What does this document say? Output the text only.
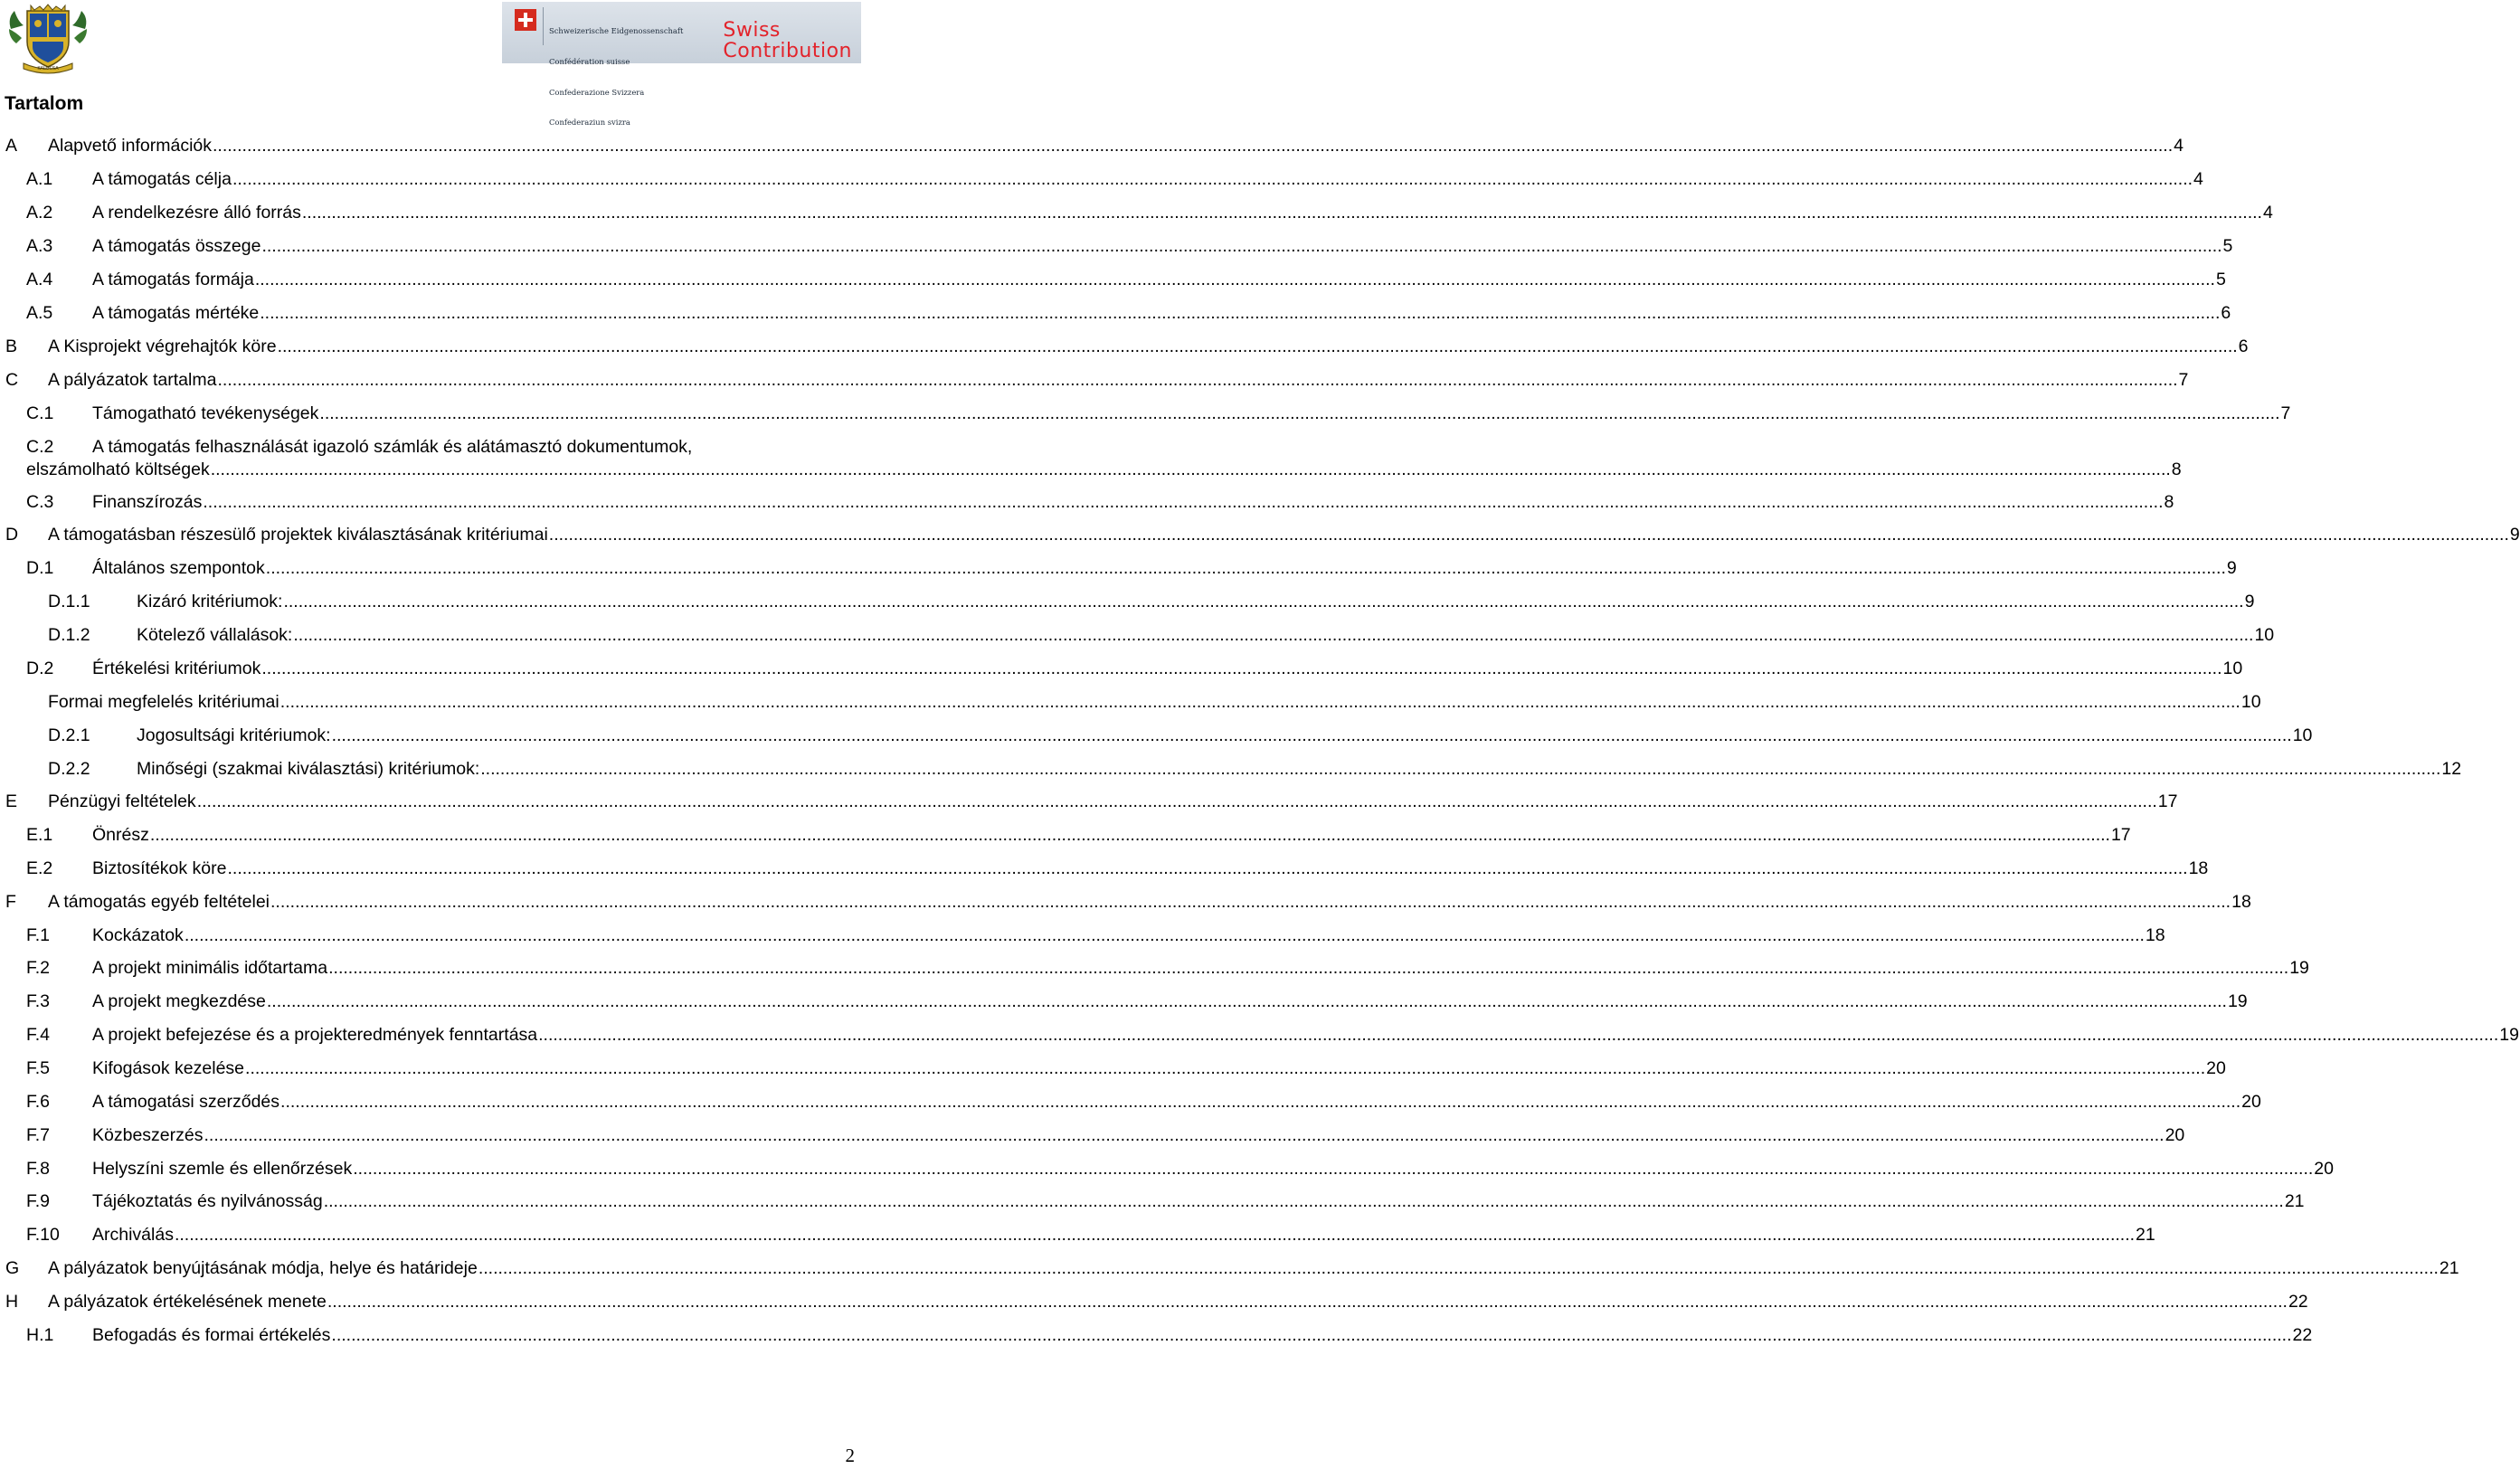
KALOCSA

Schweizerische Eidgenossenschaft

Confédération suisse

Confederazione Svizzera

Confederaziun svizra

Swiss
Contribution
Tartalom
A Alapvető információk ................................................................................................................................................................................................................................................................................................................................................................................................................ 4
A.1 A támogatás célja ................................................................................................................................................................................................................................................................................................................................................................................................................ 4
A.2 A rendelkezésre álló forrás ................................................................................................................................................................................................................................................................................................................................................................................................................ 4
A.3 A támogatás összege ................................................................................................................................................................................................................................................................................................................................................................................................................ 5
A.4 A támogatás formája ................................................................................................................................................................................................................................................................................................................................................................................................................ 5
A.5 A támogatás mértéke ................................................................................................................................................................................................................................................................................................................................................................................................................ 6
B A Kisprojekt végrehajtók köre ................................................................................................................................................................................................................................................................................................................................................................................................................ 6
C A pályázatok tartalma ................................................................................................................................................................................................................................................................................................................................................................................................................ 7
C.1 Támogatható tevékenységek ................................................................................................................................................................................................................................................................................................................................................................................................................ 7
C.2 A támogatás felhasználását igazoló számlák és alátámasztó dokumentumok,
elszámolható költségek ................................................................................................................................................................................................................................................................................................................................................................................................................ 8
C.3 Finanszírozás ................................................................................................................................................................................................................................................................................................................................................................................................................ 8
D A támogatásban részesülő projektek kiválasztásának kritériumai ................................................................................................................................................................................................................................................................................................................................................................................................................ 9
D.1 Általános szempontok ................................................................................................................................................................................................................................................................................................................................................................................................................ 9
D.1.1	Kizáró kritériumok: ................................................................................................................................................................................................................................................................................................................................................................................................................ 9
D.1.2	Kötelező vállalások: ................................................................................................................................................................................................................................................................................................................................................................................................................ 10
D.2 Értékelési kritériumok ................................................................................................................................................................................................................................................................................................................................................................................................................ 10
Formai megfelelés kritériumai ................................................................................................................................................................................................................................................................................................................................................................................................................ 10
D.2.1	Jogosultsági kritériumok: ................................................................................................................................................................................................................................................................................................................................................................................................................ 10
D.2.2	Minőségi (szakmai kiválasztási) kritériumok: ................................................................................................................................................................................................................................................................................................................................................................................................................ 12
E Pénzügyi feltételek ................................................................................................................................................................................................................................................................................................................................................................................................................ 17
E.1 Önrész ................................................................................................................................................................................................................................................................................................................................................................................................................ 17
E.2 Biztosítékok köre ................................................................................................................................................................................................................................................................................................................................................................................................................ 18
F A támogatás egyéb feltételei ................................................................................................................................................................................................................................................................................................................................................................................................................ 18
F.1 Kockázatok ................................................................................................................................................................................................................................................................................................................................................................................................................ 18
F.2 A projekt minimális időtartama ................................................................................................................................................................................................................................................................................................................................................................................................................ 19
F.3 A projekt megkezdése ................................................................................................................................................................................................................................................................................................................................................................................................................ 19
F.4 A projekt befejezése és a projekteredmények fenntartása ................................................................................................................................................................................................................................................................................................................................................................................................................ 19
F.5 Kifogások kezelése ................................................................................................................................................................................................................................................................................................................................................................................................................ 20
F.6 A támogatási szerződés ................................................................................................................................................................................................................................................................................................................................................................................................................ 20
F.7 Közbeszerzés ................................................................................................................................................................................................................................................................................................................................................................................................................ 20
F.8 Helyszíni szemle és ellenőrzések ................................................................................................................................................................................................................................................................................................................................................................................................................ 20
F.9 Tájékoztatás és nyilvánosság ................................................................................................................................................................................................................................................................................................................................................................................................................ 21
F.10 Archiválás ................................................................................................................................................................................................................................................................................................................................................................................................................ 21
G A pályázatok benyújtásának módja, helye és határideje ................................................................................................................................................................................................................................................................................................................................................................................................................ 21
H A pályázatok értékelésének menete ................................................................................................................................................................................................................................................................................................................................................................................................................ 22
H.1 Befogadás és formai értékelés ................................................................................................................................................................................................................................................................................................................................................................................................................ 22
2
